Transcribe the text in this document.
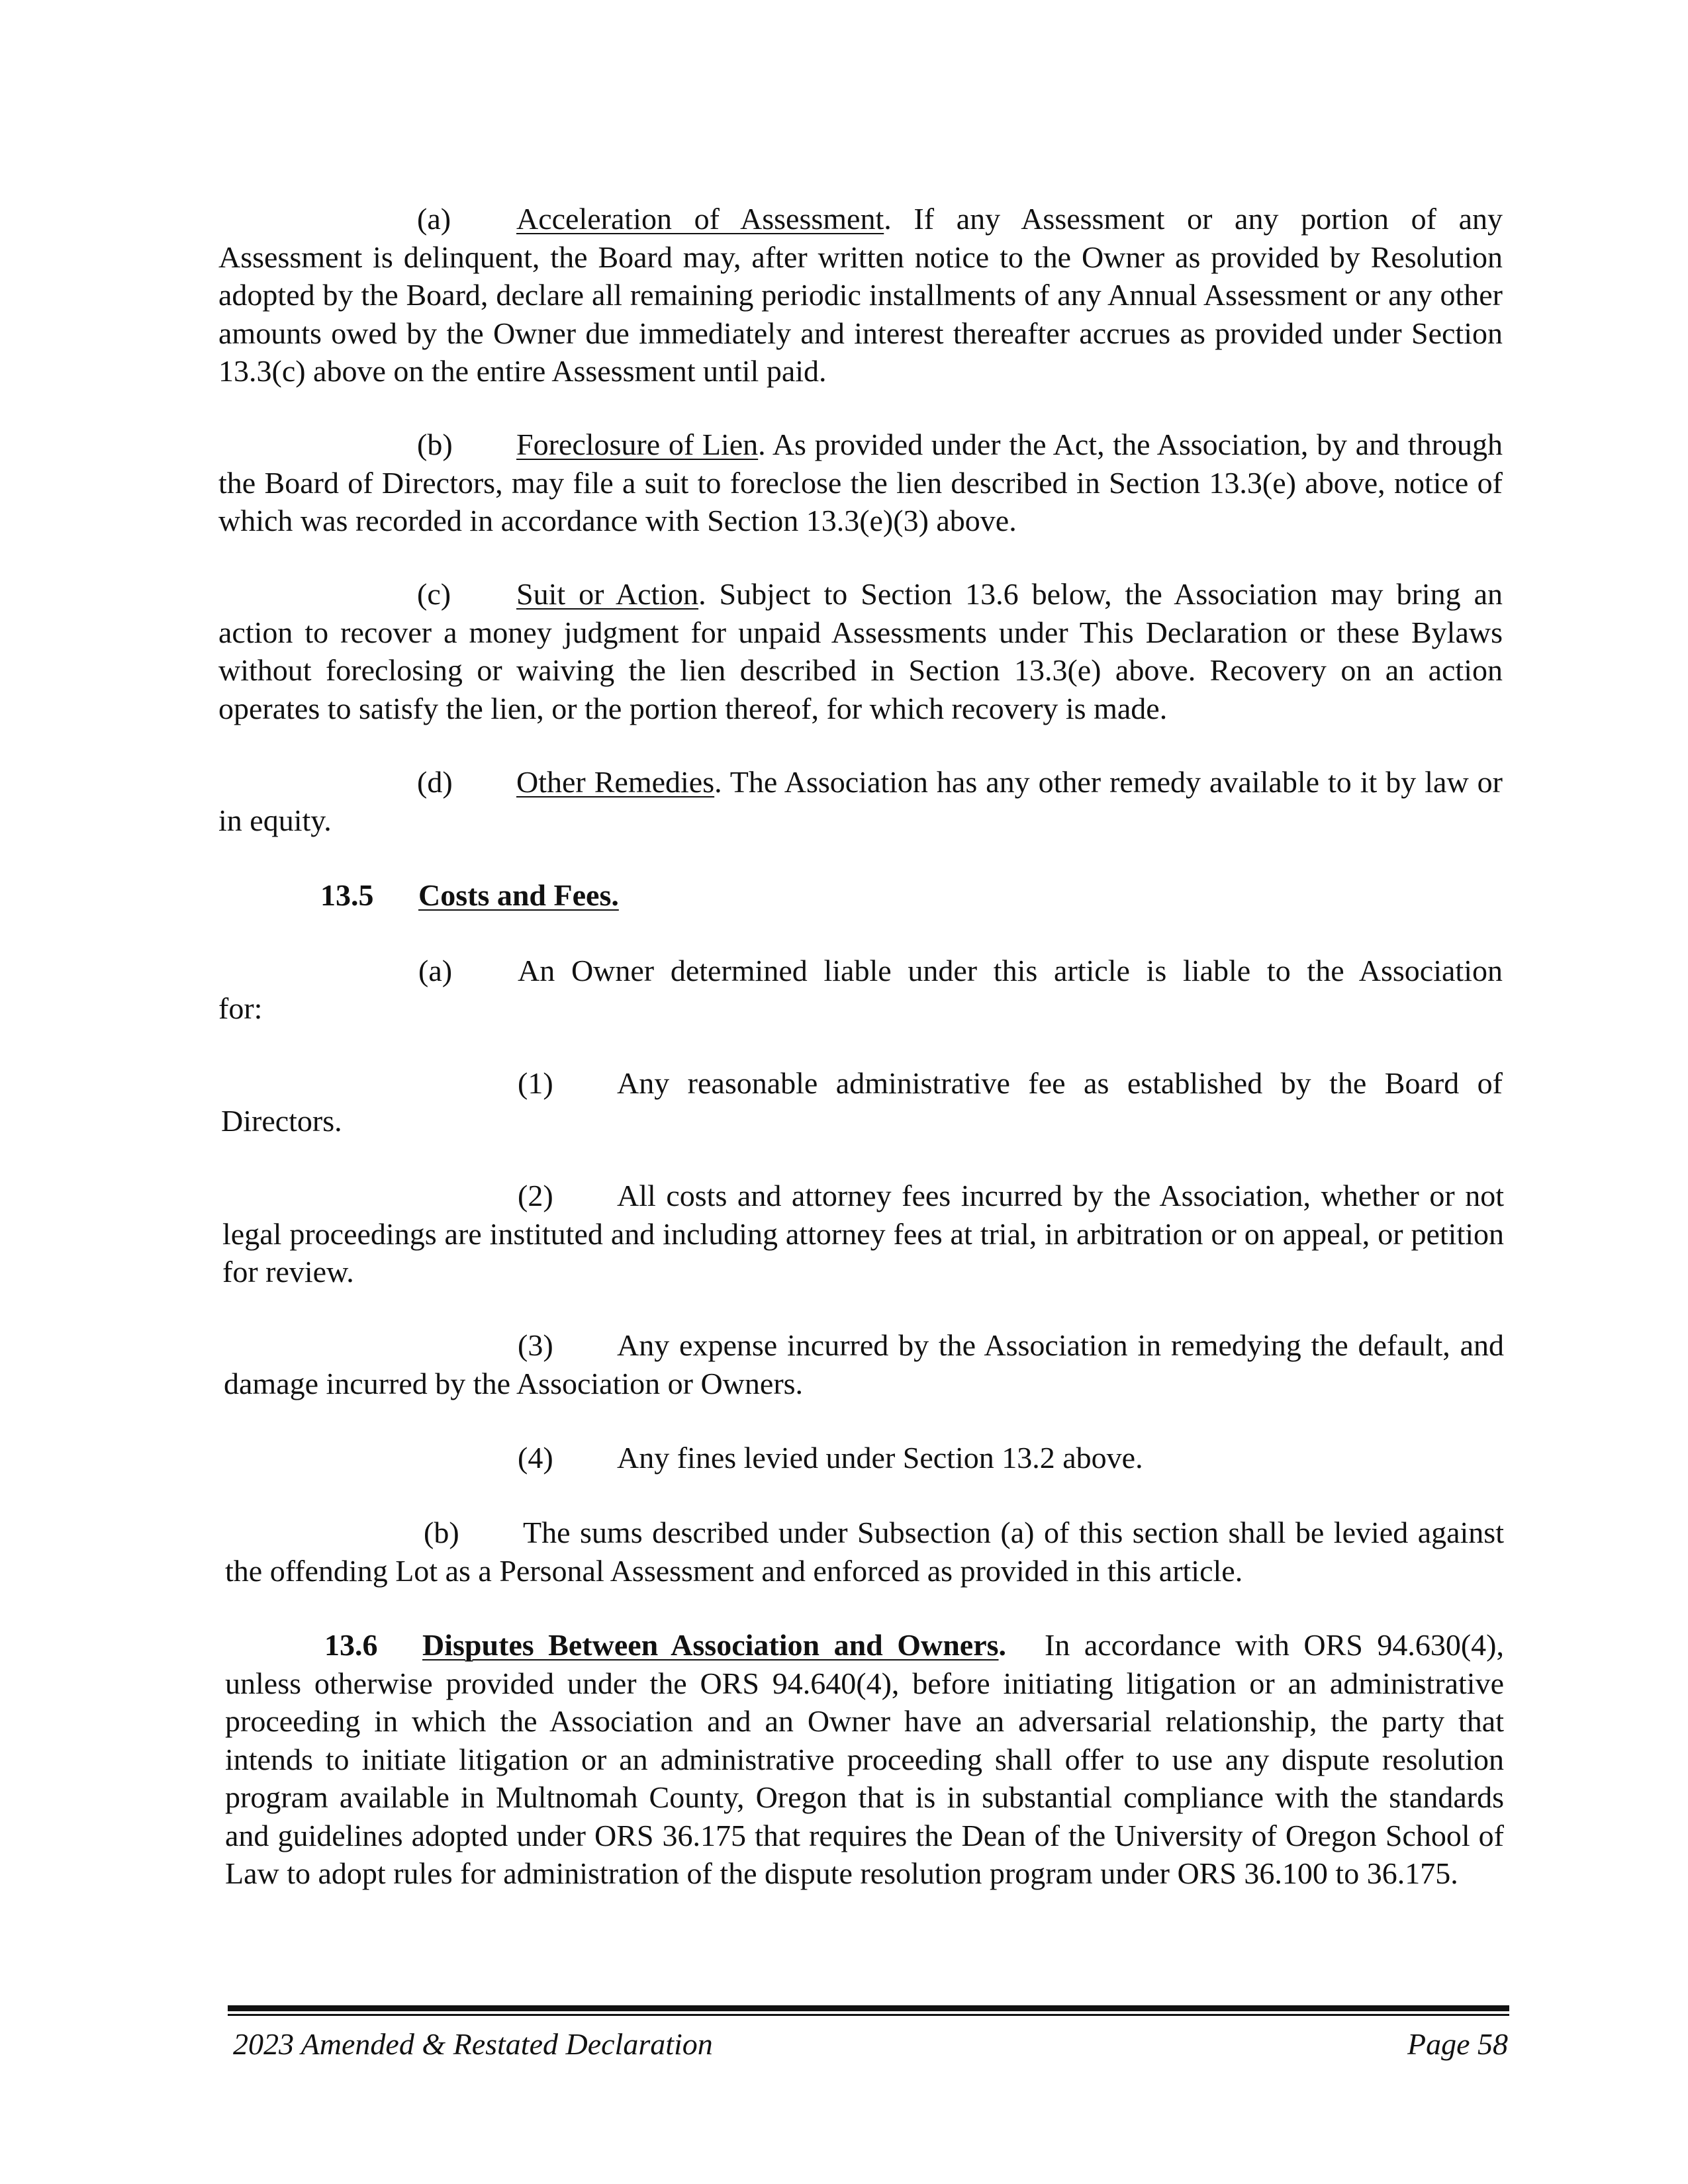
(a) Acceleration of Assessment. If any Assessment or any portion of any Assessment is delinquent, the Board may, after written notice to the Owner as provided by Resolution adopted by the Board, declare all remaining periodic installments of any Annual Assessment or any other amounts owed by the Owner due immediately and interest thereafter accrues as provided under Section 13.3(c) above on the entire Assessment until paid.
(b) Foreclosure of Lien. As provided under the Act, the Association, by and through the Board of Directors, may file a suit to foreclose the lien described in Section 13.3(e) above, notice of which was recorded in accordance with Section 13.3(e)(3) above.
(c) Suit or Action. Subject to Section 13.6 below, the Association may bring an action to recover a money judgment for unpaid Assessments under This Declaration or these Bylaws without foreclosing or waiving the lien described in Section 13.3(e) above. Recovery on an action operates to satisfy the lien, or the portion thereof, for which recovery is made.
(d) Other Remedies. The Association has any other remedy available to it by law or in equity.
13.5 Costs and Fees.
(a) An Owner determined liable under this article is liable to the Association
for:
(1) Any reasonable administrative fee as established by the Board of
Directors.
(2) All costs and attorney fees incurred by the Association, whether or not legal proceedings are instituted and including attorney fees at trial, in arbitration or on appeal, or petition for review.
(3) Any expense incurred by the Association in remedying the default, and damage incurred by the Association or Owners.
(4) Any fines levied under Section 13.2 above.
(b) The sums described under Subsection (a) of this section shall be levied against the offending Lot as a Personal Assessment and enforced as provided in this article.
13.6 Disputes Between Association and Owners. In accordance with ORS 94.630(4), unless otherwise provided under the ORS 94.640(4), before initiating litigation or an administrative proceeding in which the Association and an Owner have an adversarial relationship, the party that intends to initiate litigation or an administrative proceeding shall offer to use any dispute resolution program available in Multnomah County, Oregon that is in substantial compliance with the standards and guidelines adopted under ORS 36.175 that requires the Dean of the University of Oregon School of Law to adopt rules for administration of the dispute resolution program under ORS 36.100 to 36.175.
2023 Amended & Restated Declaration	Page 58
